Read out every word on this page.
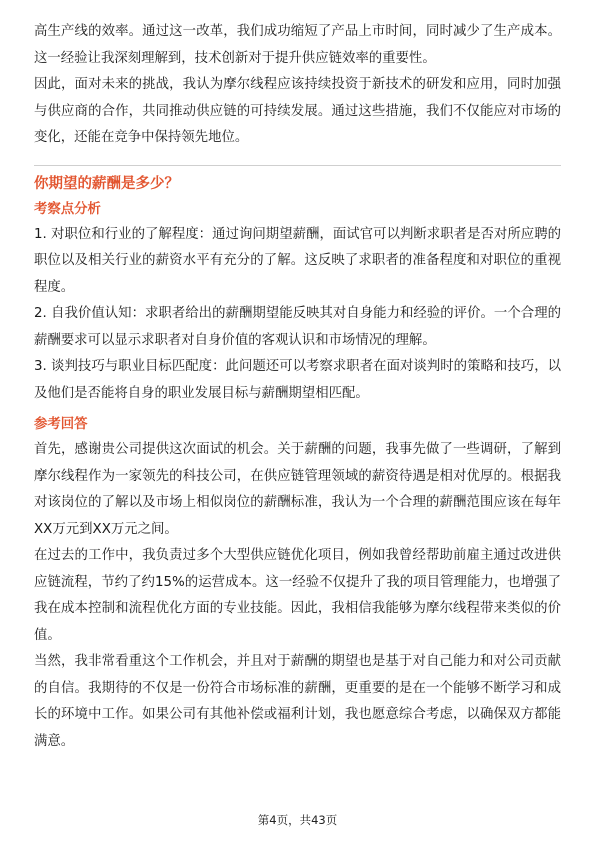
高生产线的效率。通过这一改革，我们成功缩短了产品上市时间，同时减少了生产成本。这一经验让我深刻理解到，技术创新对于提升供应链效率的重要性。

因此，面对未来的挑战，我认为摩尔线程应该持续投资于新技术的研发和应用，同时加强与供应商的合作，共同推动供应链的可持续发展。通过这些措施，我们不仅能应对市场的变化，还能在竞争中保持领先地位。

你期望的薪酬是多少？
考察点分析

1. 对职位和行业的了解程度：通过询问期望薪酬，面试官可以判断求职者是否对所应聘的职位以及相关行业的薪资水平有充分的了解。这反映了求职者的准备程度和对职位的重视程度。

2. 自我价值认知：求职者给出的薪酬期望能反映其对自身能力和经验的评价。一个合理的薪酬要求可以显示求职者对自身价值的客观认识和市场情况的理解。

3. 谈判技巧与职业目标匹配度：此问题还可以考察求职者在面对谈判时的策略和技巧，以及他们是否能将自身的职业发展目标与薪酬期望相匹配。

参考回答

首先，感谢贵公司提供这次面试的机会。关于薪酬的问题，我事先做了一些调研，了解到摩尔线程作为一家领先的科技公司，在供应链管理领域的薪资待遇是相对优厚的。根据我对该岗位的了解以及市场上相似岗位的薪酬标准，我认为一个合理的薪酬范围应该在每年XX万元到XX万元之间。

在过去的工作中，我负责过多个大型供应链优化项目，例如我曾经帮助前雇主通过改进供应链流程，节约了约15%的运营成本。这一经验不仅提升了我的项目管理能力，也增强了我在成本控制和流程优化方面的专业技能。因此，我相信我能够为摩尔线程带来类似的价值。

当然，我非常看重这个工作机会，并且对于薪酬的期望也是基于对自己能力和对公司贡献的自信。我期待的不仅是一份符合市场标准的薪酬，更重要的是在一个能够不断学习和成长的环境中工作。如果公司有其他补偿或福利计划，我也愿意综合考虑，以确保双方都能满意。

第4页，共43页
